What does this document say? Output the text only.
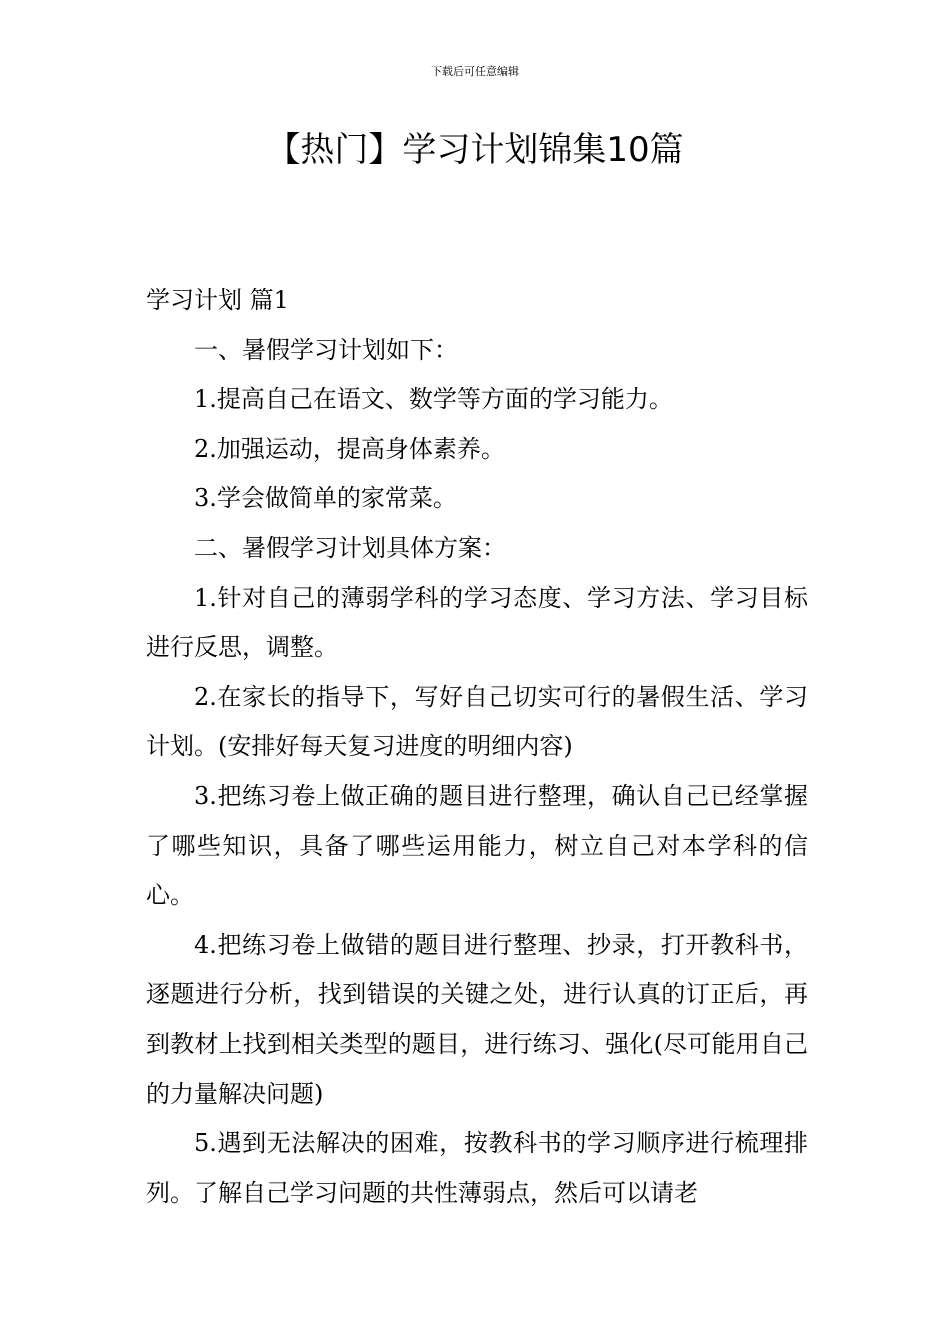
下载后可任意编辑
【热门】学习计划锦集10篇

学习计划 篇1

一、暑假学习计划如下：

1.提高自己在语文、数学等方面的学习能力。

2.加强运动，提高身体素养。

3.学会做简单的家常菜。

二、暑假学习计划具体方案：

1.针对自己的薄弱学科的学习态度、学习方法、学习目标进行反思，调整。

2.在家长的指导下，写好自己切实可行的暑假生活、学习计划。(安排好每天复习进度的明细内容)

3.把练习卷上做正确的题目进行整理，确认自己已经掌握了哪些知识，具备了哪些运用能力，树立自己对本学科的信心。

4.把练习卷上做错的题目进行整理、抄录，打开教科书，逐题进行分析，找到错误的关键之处，进行认真的订正后，再到教材上找到相关类型的题目，进行练习、强化(尽可能用自己的力量解决问题)

5.遇到无法解决的困难，按教科书的学习顺序进行梳理排列。了解自己学习问题的共性薄弱点，然后可以请老
